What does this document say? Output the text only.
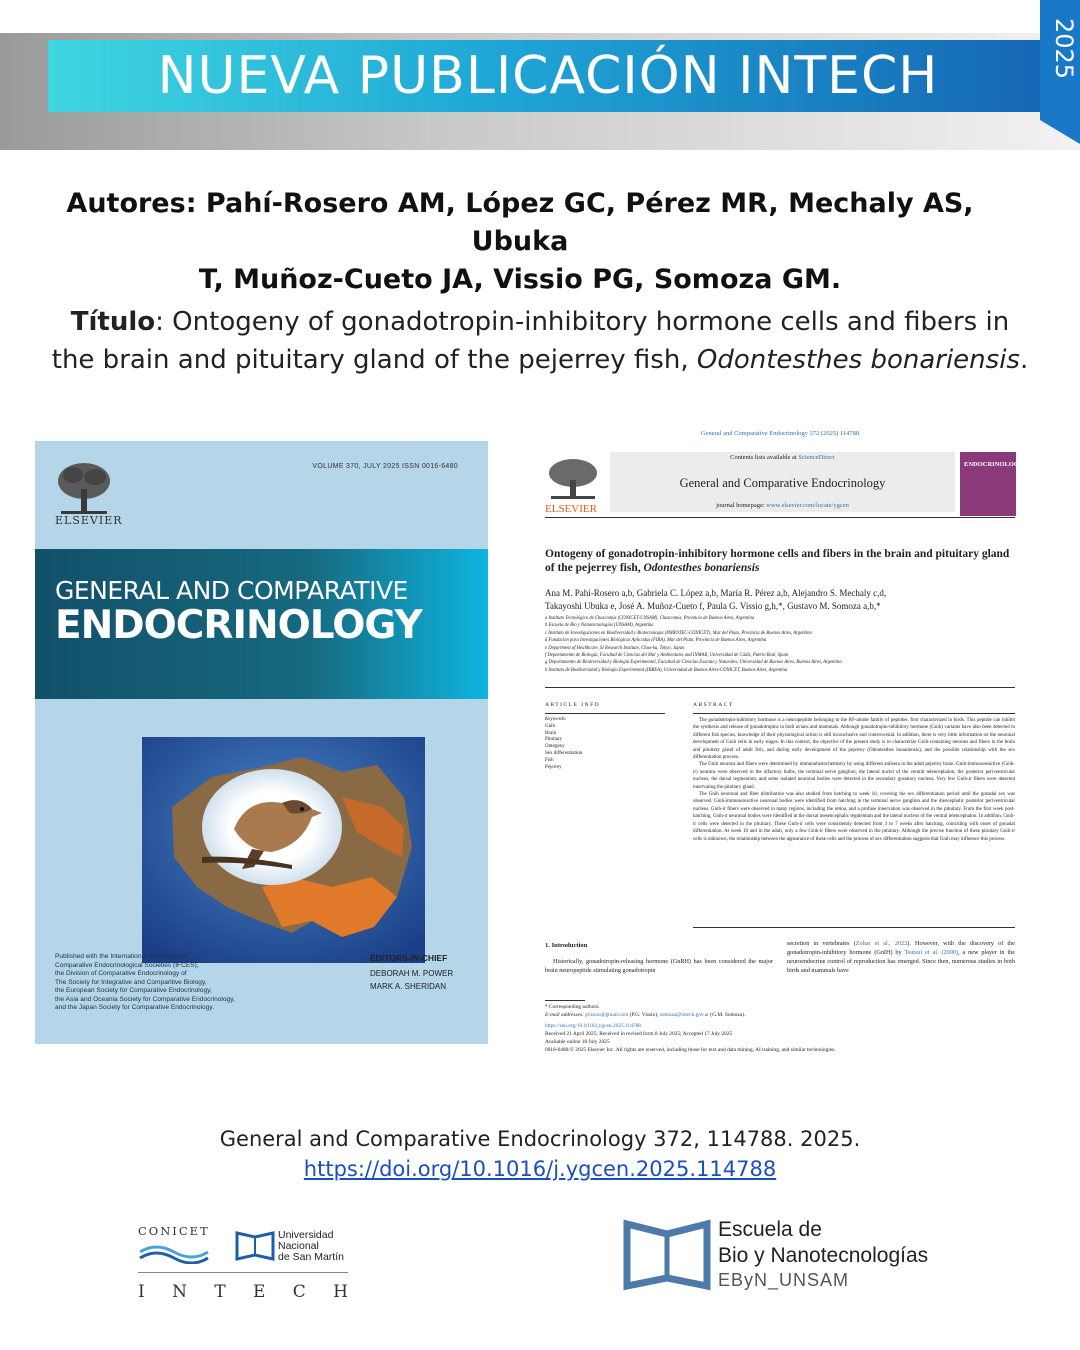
NUEVA PUBLICACIÓN INTECH	2025
Autores: Pahí-Rosero AM, López GC, Pérez MR, Mechaly AS, Ubuka
T, Muñoz-Cueto JA, Vissio PG, Somoza GM.
Título: Ontogeny of gonadotropin-inhibitory hormone cells and fibers in
the brain and pituitary gland of the pejerrey fish, Odontesthes bonariensis.
ELSEVIER
VOLUME 370, JULY 2025 ISSN 0016-6480
GENERAL AND COMPARATIVE
ENDOCRINOLOGY
Published with the International Federation of
Comparative Endocrinological Societies (IFCES),
the Division of Comparative Endocrinology of
The Society for Integrative and Comparitive Biology,
the European Society for Comparative Endocrinology,
the Asia and Oceania Society for Comparative Endocrinology,
and the Japan Society for Comparative Endocrinology.
EDITORS-IN-CHIEF
DEBORAH M. POWER
MARK A. SHERIDAN
General and Comparative Endocrinology 372 (2025) 114788
ELSEVIER
Contents lists available at ScienceDirect
General and Comparative Endocrinology
journal homepage: www.elsevier.com/locate/ygcen
ENDOCRINOLOGY
Ontogeny of gonadotropin-inhibitory hormone cells and fibers in the brain and pituitary gland of the pejerrey fish, Odontesthes bonariensis
Ana M. Pahí-Rosero a,b, Gabriela C. López a,b, María R. Pérez a,b, Alejandro S. Mechaly c,d,
Takayoshi Ubuka e, José A. Muñoz-Cueto f, Paula G. Vissio g,h,*, Gustavo M. Somoza a,b,*
a Instituto Tecnológico de Chascomús (CONICET-UNSAM), Chascomús, Provincia de Buenos Aires, Argentina
b Escuela de Bio y Nanotecnologías (UNSAM), Argentina
c Instituto de Investigaciones en Biodiversidad y Biotecnología (INBIOTEC-CONICET), Mar del Plata, Provincia de Buenos Aires, Argentina
d Fundación para Investigaciones Biológicas Aplicadas (FIBA), Mar del Plata, Provincia de Buenos Aires, Argentina
e Department of Healthcare, SI Research Institute, Chuo-ku, Tokyo, Japan
f Departamento de Biología, Facultad de Ciencias del Mar y Ambientales and INMAR, Universidad de Cádiz, Puerto Real, Spain
g Departamento de Biodiversidad y Biología Experimental, Facultad de Ciencias Exactas y Naturales, Universidad de Buenos Aires, Buenos Aires, Argentina
h Instituto de Biodiversidad y Biología Experimental (IBBEA), Universidad de Buenos Aires-CONICET, Buenos Aires, Argentina
ARTICLE INFO	ABSTRACT
Keywords:
Gnih
Brain
Pituitary
Ontogeny
Sex differentiation
Fish
Pejerrey

The gonadotropin-inhibitory hormone is a neuropeptide belonging to the RF-amide family of peptides, first characterized in birds. This peptide can inhibit the synthesis and release of gonadotropins in both avians and mammals. Although gonadotropin-inhibitory hormone (Gnih) variants have also been detected in different fish species, knowledge of their physiological action is still inconclusive and controversial. In addition, there is very little information on the neuronal development of Gnih cells in early stages. In this context, the objective of the present study is to characterize Gnih-containing neurons and fibers in the brain and pituitary gland of adult fish, and during early development of the pejerrey (Odontesthes bonariensis), and the possible relationship with the sex differentiation process.

The Gnih neurons and fibers were determined by immunohistochemistry by using different antisera in the adult pejerrey brain. Gnih-immunoreactive (Gnih-ir) neurons were observed in the olfactory bulbs, the terminal nerve ganglion, the lateral nuclei of the ventral telencephalon, the posterior periventricular nucleus, the dorsal tegmentum, and some isolated neuronal bodies were detected in the secondary gustatory nucleus. Very few Gnih-ir fibers were detected innervating the pituitary gland.

The Gnih neuronal and fiber distribution was also studied from hatching to week 10, covering the sex differentiation period until the gonadal sex was observed. Gnih-immunoreactive neuronal bodies were identified from hatching in the terminal nerve ganglion and the diencephalic posterior periventricular nucleus. Gnih-ir fibers were observed in many regions, including the retina, and a profuse innervation was observed in the pituitary. From the first week post-hatching, Gnih-ir neuronal bodies were identified in the dorsal mesencephalic tegmentum and the lateral nucleus of the ventral telencephalon. In addition, Gnih-ir cells were detected in the pituitary. These Gnih-ir cells were consistently detected from 3 to 7 weeks after hatching, coinciding with onset of gonadal differentiation. At week 10 and in the adult, only a few Gnih-ir fibers were observed in the pituitary. Although the precise function of these pituitary Gnih-ir cells is unknown, the relationship between the appearance of these cells and the process of sex differentiation suggests that Gnih may influence this process.

1. Introduction
Historically, gonadotropin-releasing hormone (GnRH) has been considered the major brain neuropeptide stimulating gonadotropin
secretion in vertebrates (Zohar et al., 2022). However, with the discovery of the gonadotropin-inhibitory hormone (GnIH) by Tsutsui et al. (2000), a new player in the neuroendocrine control of reproduction has emerged. Since then, numerous studies in both birds and mammals have
* Corresponding authors.
E-mail addresses: pvissio@gmail.com (P.G. Vissio), somoza@intech.gov.ar (G.M. Somoza).
https://doi.org/10.1016/j.ygcen.2025.114788
Received 21 April 2025; Received in revised form 8 July 2025; Accepted 17 July 2025
Available online 18 July 2025
0016-6480/© 2025 Elsevier Inc. All rights are reserved, including those for text and data mining, AI training, and similar technologies.
General and Comparative Endocrinology 372, 114788. 2025.
https://doi.org/10.1016/j.ygcen.2025.114788
CONICET	Universidad
Nacional
de San Martín
I N T E C H
Escuela de
Bio y Nanotecnologías
EByN_UNSAM
